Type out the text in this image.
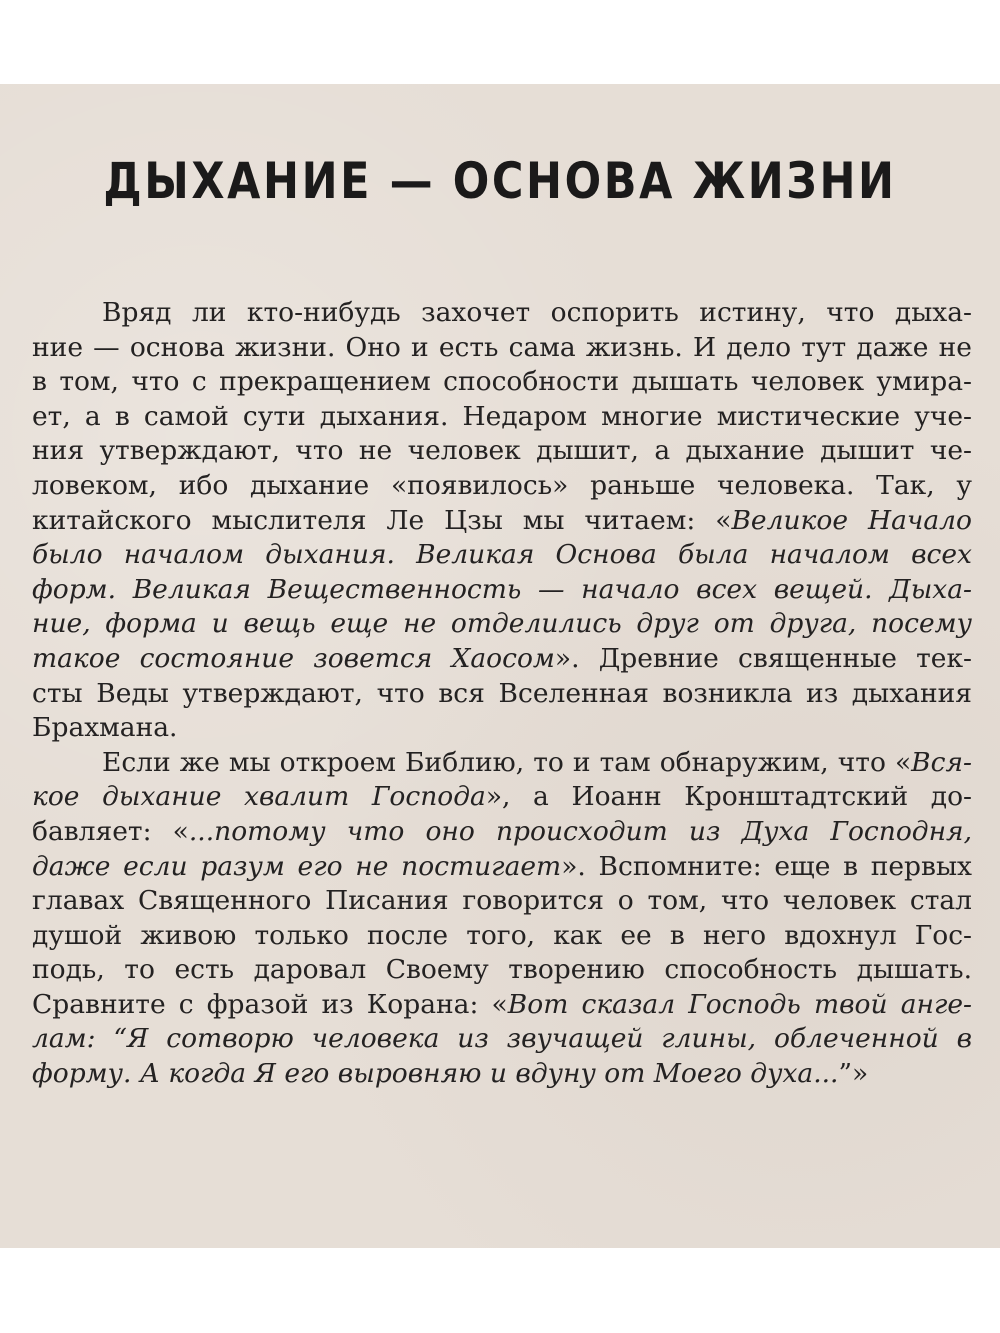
ДЫХАНИЕ — ОСНОВА ЖИЗНИ
Вряд ли кто-нибудь захочет оспорить истину, что дыха-
ние — основа жизни. Оно и есть сама жизнь. И дело тут даже не
в том, что с прекращением способности дышать человек умира-
ет, а в самой сути дыхания. Недаром многие мистические уче-
ния утверждают, что не человек дышит, а дыхание дышит че-
ловеком, ибо дыхание «появилось» раньше человека. Так, у
китайского мыслителя Ле Цзы мы читаем: «Великое Начало
было началом дыхания. Великая Основа была началом всех
форм. Великая Вещественность — начало всех вещей. Дыха-
ние, форма и вещь еще не отделились друг от друга, посему
такое состояние зовется Хаосом». Древние священные тек-
сты Веды утверждают, что вся Вселенная возникла из дыхания
Брахмана.
Если же мы откроем Библию, то и там обнаружим, что «Вся-
кое дыхание хвалит Господа», а Иоанн Кронштадтский до-
бавляет: «...потому что оно происходит из Духа Господня,
даже если разум его не постигает». Вспомните: еще в первых
главах Священного Писания говорится о том, что человек стал
душой живою только после того, как ее в него вдохнул Гос-
подь, то есть даровал Своему творению способность дышать.
Сравните с фразой из Корана: «Вот сказал Господь твой анге-
лам: “Я сотворю человека из звучащей глины, облеченной в
форму. А когда Я его выровняю и вдуну от Моего духа...”»
